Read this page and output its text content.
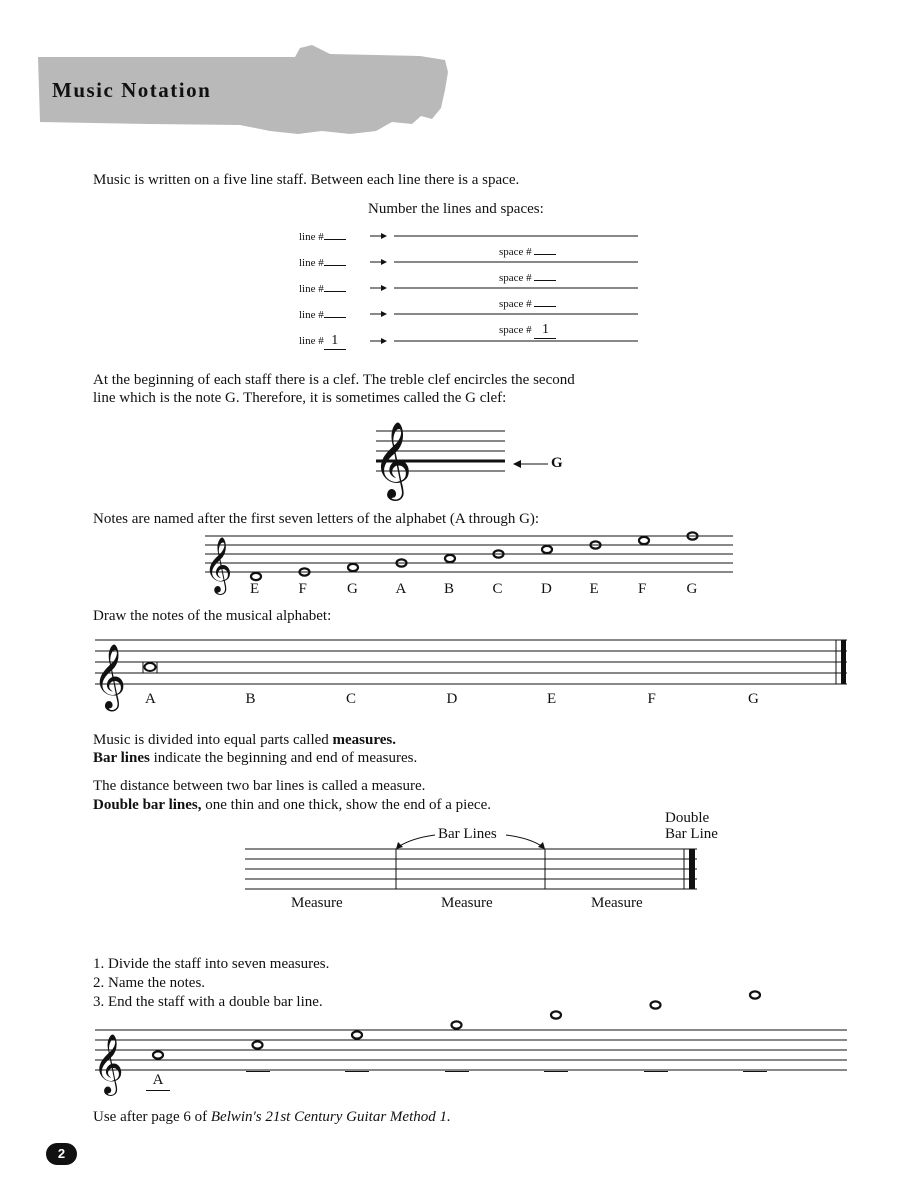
Music Notation
Music is written on a five line staff. Between each line there is a space.
Number the lines and spaces:
line #
line #
line #
line #
line # 1
space #
space #
space #
space # 1
At the beginning of each staff there is a clef. The treble clef encircles the second
line which is the note G. Therefore, it is sometimes called the G clef:
𝄞	G
Notes are named after the first seven letters of the alphabet (A through G):
𝄞 E	F	G	A	B	C	D	E	F	G
Draw the notes of the musical alphabet:
𝄞 A	B	C	D	E	F	G
Music is divided into equal parts called measures.
Bar lines indicate the beginning and end of measures.
The distance between two bar lines is called a measure.
Double bar lines, one thin and one thick, show the end of a piece.
Double
Bar Line
Bar Lines
Measure	Measure	Measure
1. Divide the staff into seven measures.
2. Name the notes.
3. End the staff with a double bar line.
𝄞	A
Use after page 6 of Belwin's 21st Century Guitar Method 1.
2
